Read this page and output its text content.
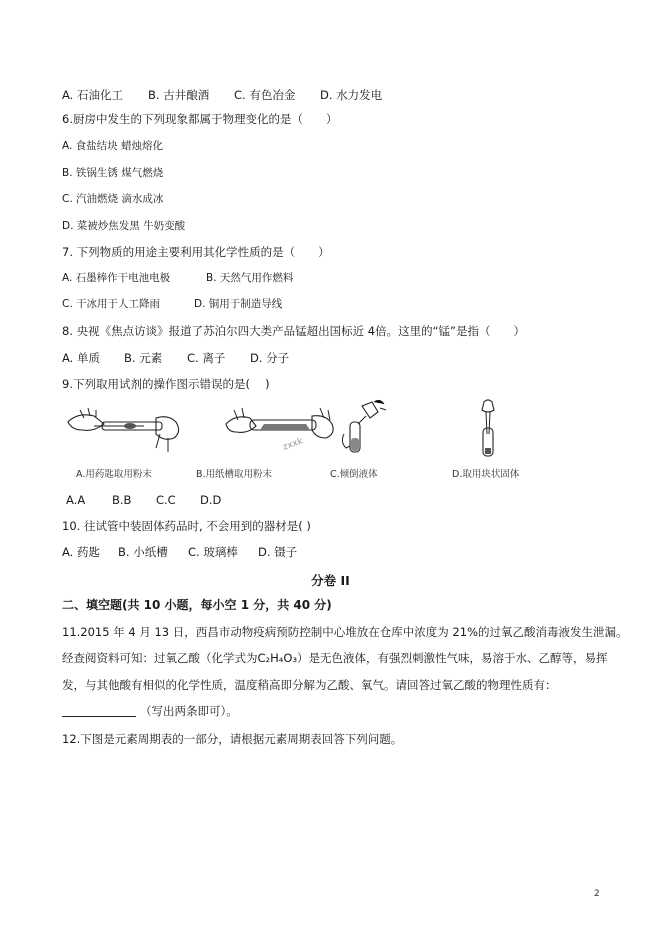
A. 石油化工 B. 古井酿酒 C. 有色冶金 D. 水力发电
6.厨房中发生的下列现象都属于物理变化的是（　　）
A. 食盐结块 蜡烛熔化
B. 铁锅生锈 煤气燃烧
C. 汽油燃烧 滴水成冰
D. 菜被炒焦发黑 牛奶变酸
7. 下列物质的用途主要利用其化学性质的是（　　）
A. 石墨棒作干电池电极	B. 天然气用作燃料
C. 干冰用于人工降雨	D. 铜用于制造导线
8. 央视《焦点访谈》报道了苏泊尔四大类产品锰超出国标近 4倍。这里的“锰”是指（　　）
A. 单质 B. 元素 C. 离子 D. 分子
9.下列取用试剂的操作图示错误的是(　 )
A.用药匙取用粉末
zxxk
B.用纸槽取用粉末	C.倾倒液体	D.取用块状固体
A.A B.B C.C D.D
10. 往试管中装固体药品时, 不会用到的器材是( )
A. 药匙 B. 小纸槽 C. 玻璃棒 D. 镊子
分卷 II
二、填空题(共 10 小题，每小空 1 分，共 40 分)
11.2015 年 4 月 13 日，西昌市动物疫病预防控制中心堆放在仓库中浓度为 21%的过氧乙酸消毒液发生泄漏。
经查阅资料可知：过氧乙酸（化学式为C₂H₄O₃）是无色液体，有强烈刺激性气味，易溶于水、乙醇等，易挥
发，与其他酸有相似的化学性质，温度稍高即分解为乙酸、氧气。请回答过氧乙酸的物理性质有：
（写出两条即可）。
12.下图是元素周期表的一部分，请根据元素周期表回答下列问题。
2
